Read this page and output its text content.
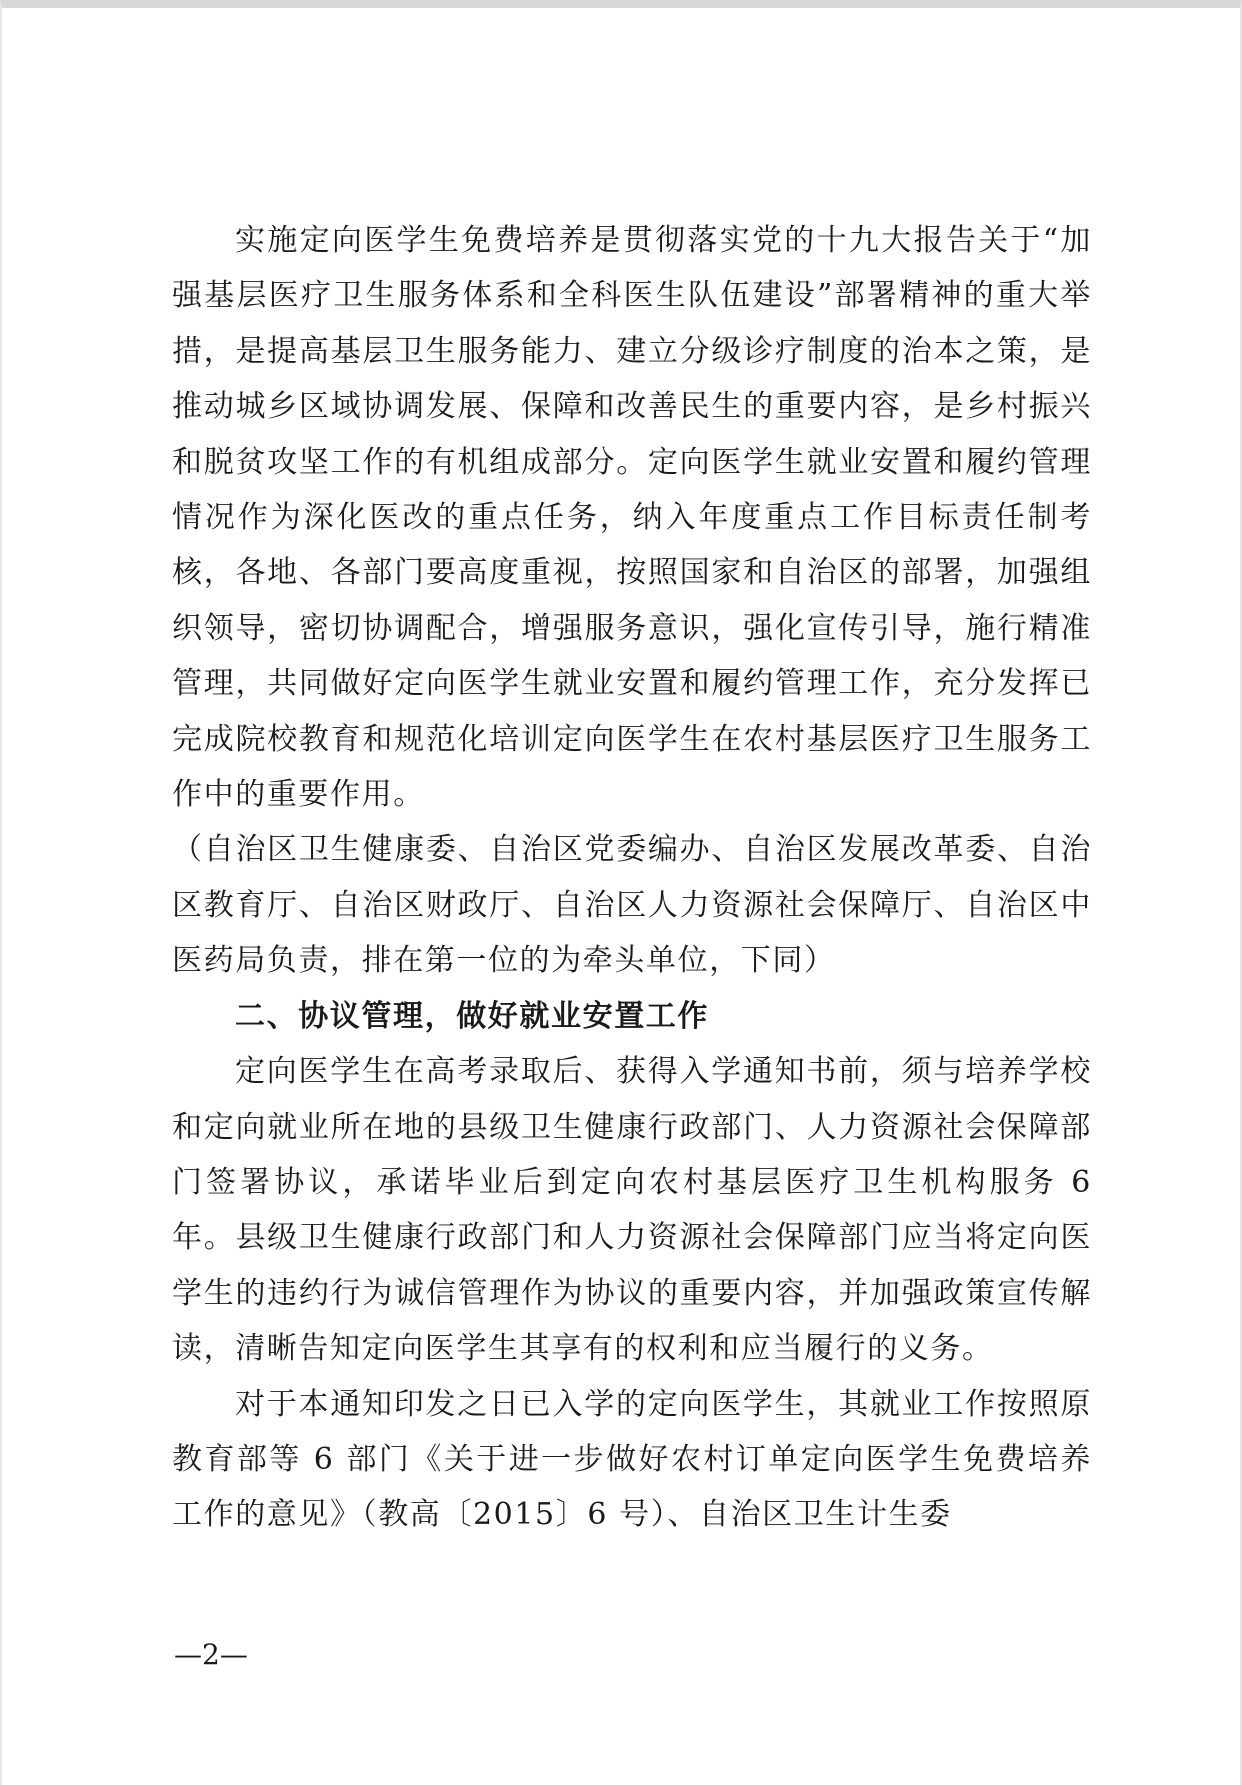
实施定向医学生免费培养是贯彻落实党的十九大报告关于“加强基层医疗卫生服务体系和全科医生队伍建设”部署精神的重大举措，是提高基层卫生服务能力、建立分级诊疗制度的治本之策，是推动城乡区域协调发展、保障和改善民生的重要内容，是乡村振兴和脱贫攻坚工作的有机组成部分。定向医学生就业安置和履约管理情况作为深化医改的重点任务，纳入年度重点工作目标责任制考核，各地、各部门要高度重视，按照国家和自治区的部署，加强组织领导，密切协调配合，增强服务意识，强化宣传引导，施行精准管理，共同做好定向医学生就业安置和履约管理工作，充分发挥已完成院校教育和规范化培训定向医学生在农村基层医疗卫生服务工作中的重要作用。

（自治区卫生健康委、自治区党委编办、自治区发展改革委、自治区教育厅、自治区财政厅、自治区人力资源社会保障厅、自治区中医药局负责，排在第一位的为牵头单位，下同）

二、协议管理，做好就业安置工作

定向医学生在高考录取后、获得入学通知书前，须与培养学校和定向就业所在地的县级卫生健康行政部门、人力资源社会保障部门签署协议，承诺毕业后到定向农村基层医疗卫生机构服务 6 年。县级卫生健康行政部门和人力资源社会保障部门应当将定向医学生的违约行为诚信管理作为协议的重要内容，并加强政策宣传解读，清晰告知定向医学生其享有的权利和应当履行的义务。

对于本通知印发之日已入学的定向医学生，其就业工作按照原教育部等 6 部门《关于进一步做好农村订单定向医学生免费培养工作的意见》（教高〔2015〕6 号）、自治区卫生计生委

—2—
